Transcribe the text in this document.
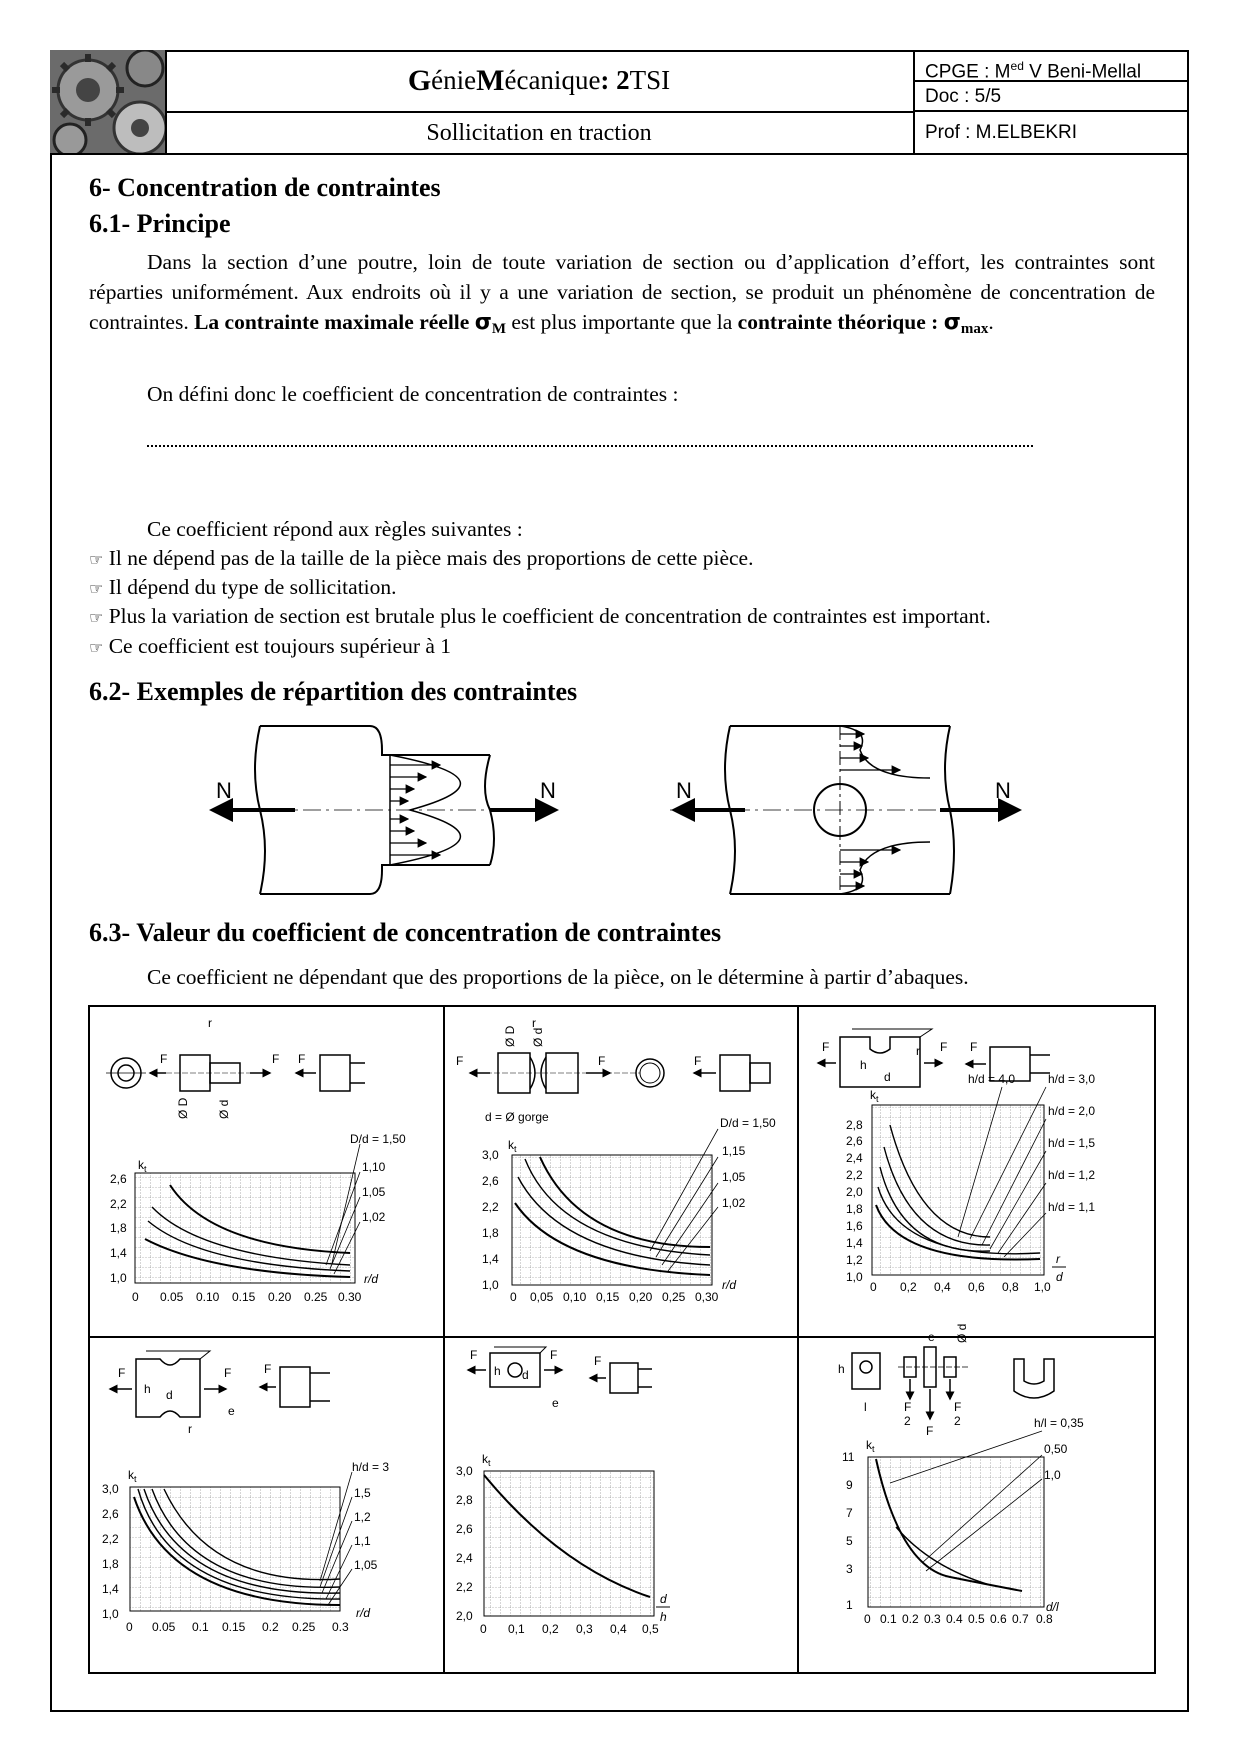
G énie M écanique : 2 TSI
Sollicitation en traction
CPGE : $M^{ed}$ V Beni-Mellal
Doc : 5/5
Prof : M.ELBEKRI
6- Concentration de contraintes
6.1- Principe
Dans la section d’une poutre, loin de toute variation de section ou d’application d’effort, les contraintes sont réparties uniformément. Aux endroits où il y a une variation de section, se produit un phénomène de concentration de contraintes. La contrainte maximale réelle σM est plus importante que la contrainte théorique : σmax.
On défini donc le coefficient de concentration de contraintes :
Ce coefficient répond aux règles suivantes :
☞ Il ne dépend pas de la taille de la pièce mais des proportions de cette pièce.
☞ Il dépend du type de sollicitation.
☞ Plus la variation de section est brutale plus le coefficient de concentration de contraintes est important.
☞ Ce coefficient est toujours supérieur à 1
6.2- Exemples de répartition des contraintes
N	N	N	N
6.3- Valeur du coefficient de concentration de contraintes
Ce coefficient ne dépendant que des proportions de la pièce, on le détermine à partir d’abaques.
F	F
r
Ø D Ø d
F
D/d = 1,50
1,10
1,05
1,02
$k_t$
2,6
2,2
1,8
1,4
1,0
0 0.05 0.10 0.15 0.20 0.25 0.30
r/d
F	F
Ø D Ø d
r
d = Ø gorge
F
D/d = 1,50
1,15
1,05
1,02
$k_t$
3,0
2,6
2,2
1,8
1,4
1,0
0 0,05 0,10 0,15 0,20 0,25 0,30
r/d
F	F
h
d
r	F
h/d = 4,0	h/d = 3,0
h/d = 2,0
h/d = 1,5
h/d = 1,2
h/d = 1,1
$k_t$
2,8
2,6
2,4
2,2
2,0
1,8
1,6
1,4
1,2
1,0
0 0,2 0,4 0,6 0,8 1,0
r
d
F	F
h d
r
e
F
h/d = 3
1,5
1,2
1,1
1,05
$k_t$
3,0
2,6
2,2
1,8
1,4
1,0
0 0.05 0.1 0.15 0.2 0.25 0.3
r/d
F	F
h d
e
F
$k_t$
3,0
2,8
2,6
2,4
2,2
2,0
0 0,1 0,2 0,3 0,4 0,5
d
h
h
l
e Ø d
F
2
F
2
F
h/l = 0,35
0,50
1,0
$k_t$
11
9
7
5
3
1
0 0.1 0.2 0.3 0.4 0.5 0.6 0.7 0.8
d/l
